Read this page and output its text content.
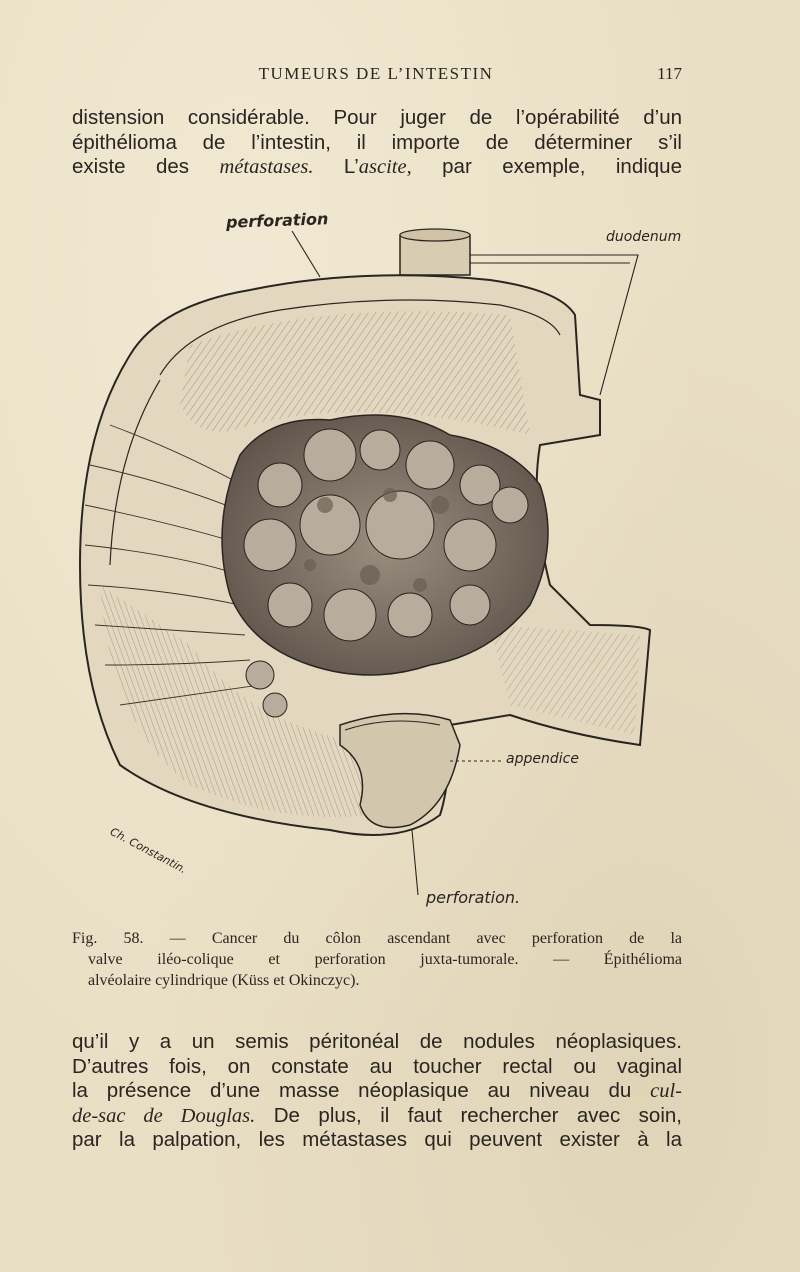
TUMEURS DE L’INTESTIN	117
distension considérable. Pour juger de l’opérabilité d’un
épithélioma de l’intestin, il importe de déterminer s’il
existe des métastases. L’ascite, par exemple, indique
perforation
duodenum
appendice
perforation.
Ch. Constantin.
Fig. 58. — Cancer du côlon ascendant avec perforation de la
valve iléo-colique et perforation juxta-tumorale. — Épithélioma
alvéolaire cylindrique (Küss et Okinczyc).
qu’il y a un semis péritonéal de nodules néoplasiques.
D’autres fois, on constate au toucher rectal ou vaginal
la présence d’une masse néoplasique au niveau du cul-
de-sac de Douglas. De plus, il faut rechercher avec soin,
par la palpation, les métastases qui peuvent exister à la
